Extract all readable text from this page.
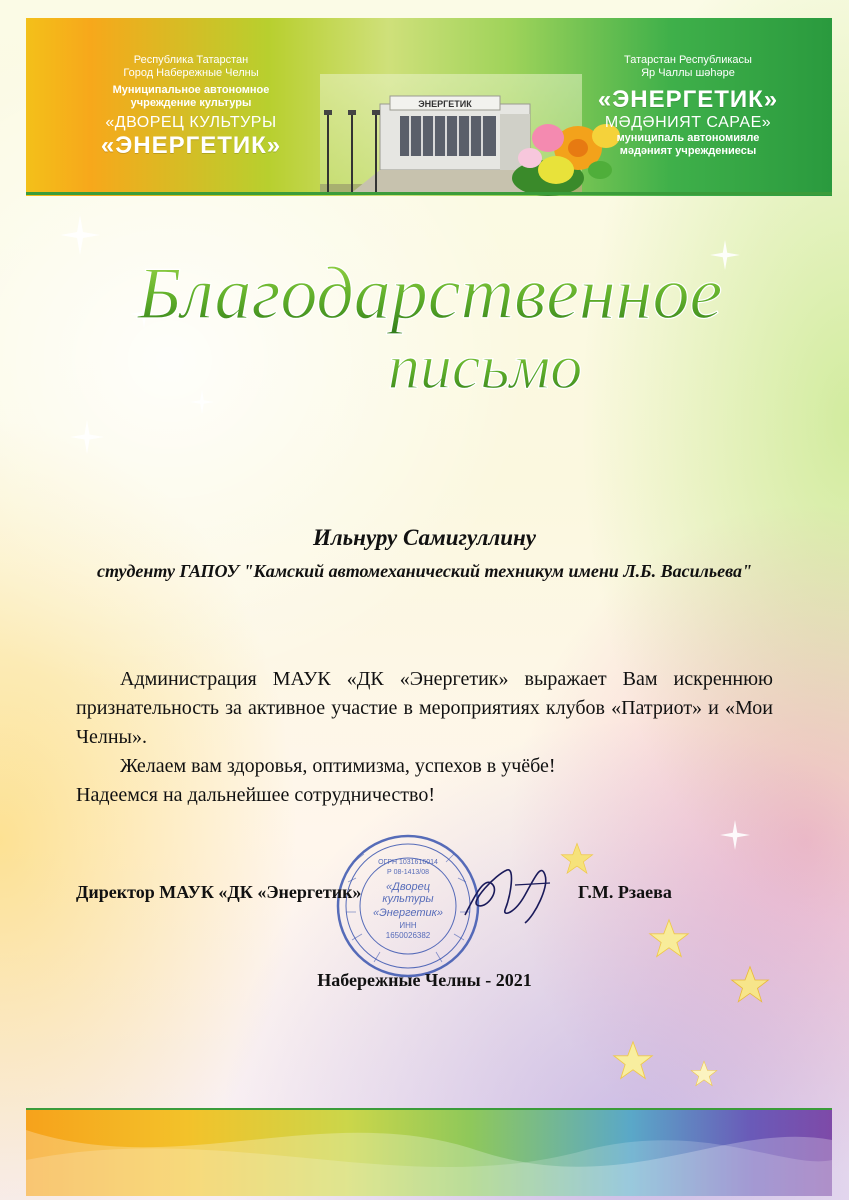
Республика Татарстан
Город Набережные Челны
Муниципальное автономное
учреждение культуры
«ДВОРЕЦ КУЛЬТУРЫ
«ЭНЕРГЕТИК»
ЭНЕРГЕТИК
Татарстан Республикасы
Яр Чаллы шәһәре
«ЭНЕРГЕТИК»
МӘДӘНИЯТ САРАЕ»
муниципаль автономияле
мәдәният учреждениесы
Благодарственное
письмо
Ильнуру Самигуллину
студенту ГАПОУ "Камский автомеханический техникум имени Л.Б. Васильева"

Администрация МАУК «ДК «Энергетик» выражает Вам искреннюю признательность за активное участие в мероприятиях клубов «Патриот» и «Мои Челны».

Желаем вам здоровья, оптимизма, успехов в учёбе!

Надеемся на дальнейшее сотрудничество!

ОГРН 1031616014
Р 08-1413/08
«Дворец
культуры
«Энергетик»
ИНН
1650026382
Директор МАУК «ДК «Энергетик»	Г.М. Рзаева
Набережные Челны - 2021
